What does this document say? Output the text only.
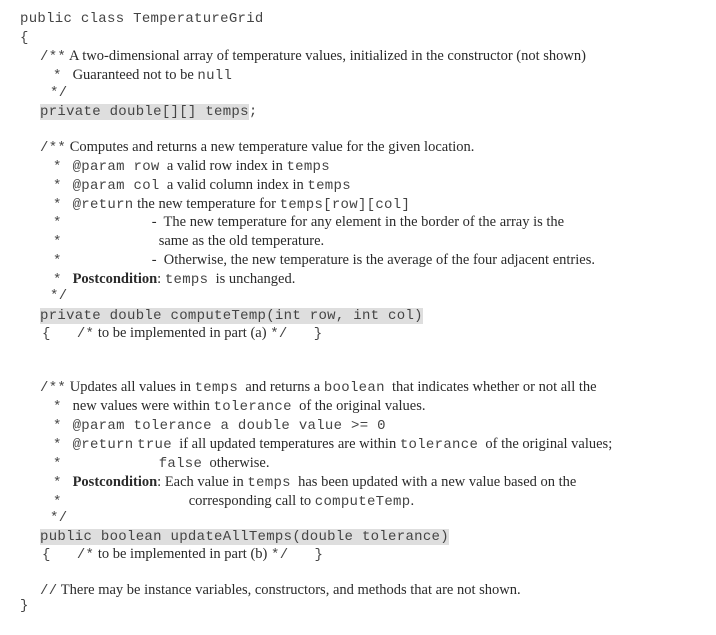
public class TemperatureGrid
{
/** A two-dimensional array of temperature values, initialized in the constructor (not shown)
* Guaranteed not to be null
*/
private double[][] temps;
/** Computes and returns a new temperature value for the given location.
* @param row a valid row index in temps
* @param col a valid column index in temps
* @return the new temperature for temps[row][col]
*	-  The new temperature for any element in the border of the array is the
*	same as the old temperature.
*	-  Otherwise, the new temperature is the average of the four adjacent entries.
* Postcondition: temps is unchanged.
*/
private double computeTemp(int row, int col)
{ /* to be implemented in part (a) */ }
/** Updates all values in temps and returns a boolean that indicates whether or not all the
* new values were within tolerance of the original values.
* @param tolerance a double value >= 0
* @return true if all updated temperatures are within tolerance of the original values;
*	false otherwise.
* Postcondition: Each value in temps has been updated with a new value based on the
*	corresponding call to computeTemp.
*/
public boolean updateAllTemps(double tolerance)
{ /* to be implemented in part (b) */ }
// There may be instance variables, constructors, and methods that are not shown.
}
